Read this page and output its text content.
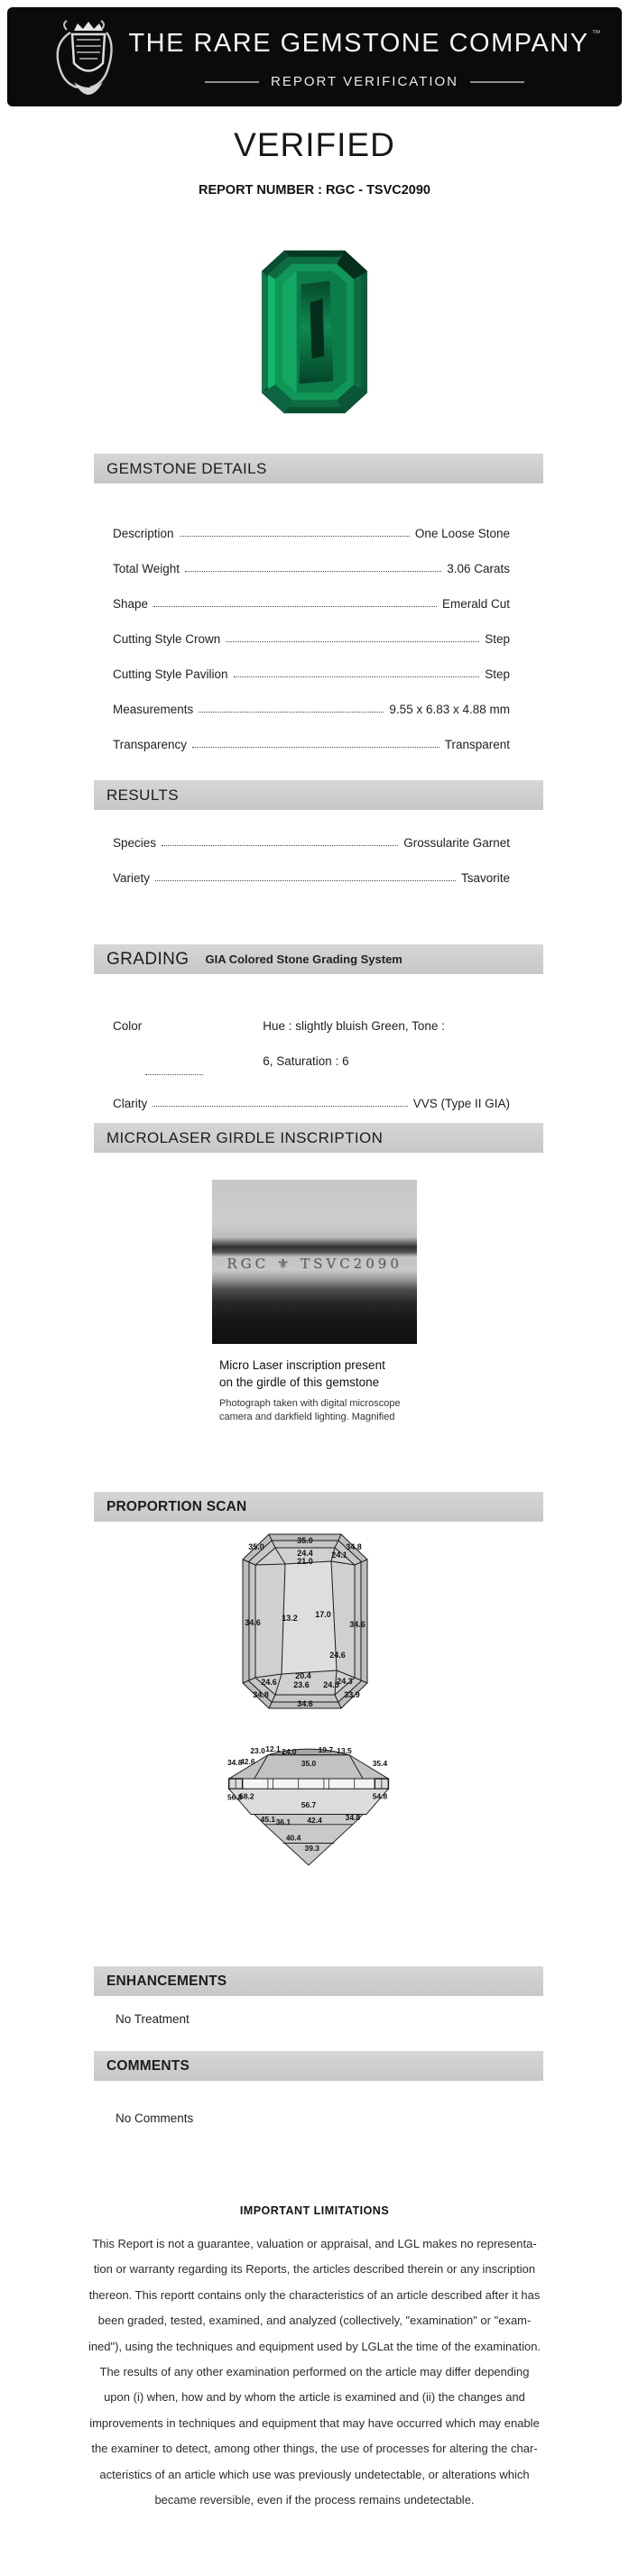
THE RARE GEMSTONE COMPANY ™
REPORT VERIFICATION
VERIFIED
REPORT NUMBER : RGC - TSVC2090
GEMSTONE DETAILS
Description	One Loose Stone
Total Weight	3.06 Carats
Shape	Emerald Cut
Cutting Style Crown	Step
Cutting Style Pavilion	Step
Measurements	9.55 x 6.83 x 4.88 mm
Transparency	Transparent
RESULTS
Species	Grossularite Garnet
Variety	Tsavorite
GRADING GIA Colored Stone Grading System
Color	Hue : slightly bluish Green, Tone :
6, Saturation : 6
Clarity	VVS (Type II GIA)
MICROLASER GIRDLE INSCRIPTION
RGC ⚜ TSVC2090
Micro Laser inscription present
on the girdle of this gemstone
Photograph taken with digital microscope
camera and darkfield lighting. Magnified
PROPORTION SCAN
35.0
35.0	34.8
24.4 24.1
21.0
34.6	13.2 17.0
34.6
24.6
20.4
23.6
24.6	24.5
24.3
34.8	33.9
34.6
23.0 12.1 24.0	19.7 13.5
34.8
42.6	35.0	35.4
56.8
58.2
56.7
54.8
45.1 36.1 42.4	34.8
40.4
39.3
ENHANCEMENTS
No Treatment
COMMENTS
No Comments
IMPORTANT LIMITATIONS
This Report is not a guarantee, valuation or appraisal, and LGL makes no representa-
tion or warranty regarding its Reports, the articles described therein or any inscription
thereon. This reportt contains only the characteristics of an article described after it has
been graded, tested, examined, and analyzed (collectively, "examination" or "exam-
ined"), using the techniques and equipment used by LGLat the time of the examination.
The results of any other examination performed on the article may differ depending
upon (i) when, how and by whom the article is examined and (ii) the changes and
improvements in techniques and equipment that may have occurred which may enable
the examiner to detect, among other things, the use of processes for altering the char-
acteristics of an article which use was previously undetectable, or alterations which
became reversible, even if the process remains undetectable.
